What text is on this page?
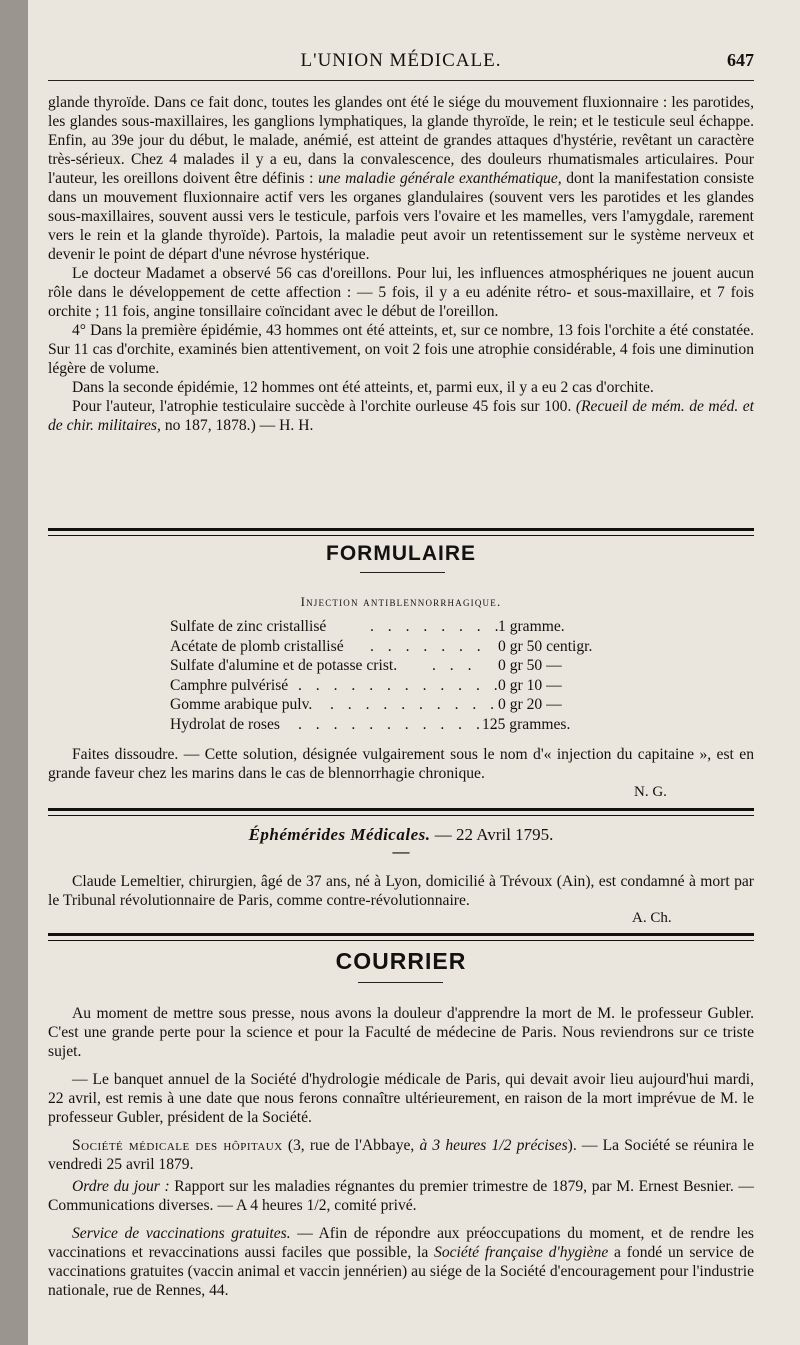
L'UNION MÉDICALE.	647

glande thyroïde. Dans ce fait donc, toutes les glandes ont été le siége du mouvement fluxionnaire : les parotides, les glandes sous-maxillaires, les ganglions lymphatiques, la glande thyroïde, le rein; et le testicule seul échappe. Enfin, au 39e jour du début, le malade, anémié, est atteint de grandes attaques d'hystérie, revêtant un caractère très-sérieux. Chez 4 malades il y a eu, dans la convalescence, des douleurs rhumatismales articulaires. Pour l'auteur, les oreillons doivent être définis : une maladie générale exanthématique, dont la manifestation consiste dans un mouvement fluxionnaire actif vers les organes glandulaires (souvent vers les parotides et les glandes sous-maxillaires, souvent aussi vers le testicule, parfois vers l'ovaire et les mamelles, vers l'amygdale, rarement vers le rein et la glande thyroïde). Partois, la maladie peut avoir un retentissement sur le système nerveux et devenir le point de départ d'une névrose hystérique.

Le docteur Madamet a observé 56 cas d'oreillons. Pour lui, les influences atmosphériques ne jouent aucun rôle dans le développement de cette affection : — 5 fois, il y a eu adénite rétro- et sous-maxillaire, et 7 fois orchite ; 11 fois, angine tonsillaire coïncidant avec le début de l'oreillon.

4° Dans la première épidémie, 43 hommes ont été atteints, et, sur ce nombre, 13 fois l'orchite a été constatée. Sur 11 cas d'orchite, examinés bien attentivement, on voit 2 fois une atrophie considérable, 4 fois une diminution légère de volume.

Dans la seconde épidémie, 12 hommes ont été atteints, et, parmi eux, il y a eu 2 cas d'orchite.

Pour l'auteur, l'atrophie testiculaire succède à l'orchite ourleuse 45 fois sur 100. (Recueil de mém. de méd. et de chir. militaires, no 187, 1878.) — H. H.

FORMULAIRE
Injection antiblennorrhagique.
Sulfate de zinc cristallisé	. . . . . . . .
1 gramme.
Acétate de plomb cristallisé . . . . . . . 0 gr 50 centigr.
Sulfate d'alumine et de potasse crist. . . . 0 gr 50 —
Camphre pulvérisé . . . . . . . . . . . .
0 gr 10 —
Gomme arabique pulv. . . . . . . . . . .
0 gr 20 —
Hydrolat de roses . . . . . . . . . . . .
125 grammes.

Faites dissoudre. — Cette solution, désignée vulgairement sous le nom d'« injection du capitaine », est en grande faveur chez les marins dans le cas de blennorrhagie chronique.

N. G.
Éphémérides Médicales. — 22 Avril 1795.
—

Claude Lemeltier, chirurgien, âgé de 37 ans, né à Lyon, domicilié à Trévoux (Ain), est condamné à mort par le Tribunal révolutionnaire de Paris, comme contre-révolutionnaire.

A. Ch.
COURRIER

Au moment de mettre sous presse, nous avons la douleur d'apprendre la mort de M. le professeur Gubler. C'est une grande perte pour la science et pour la Faculté de médecine de Paris. Nous reviendrons sur ce triste sujet.

— Le banquet annuel de la Société d'hydrologie médicale de Paris, qui devait avoir lieu aujourd'hui mardi, 22 avril, est remis à une date que nous ferons connaître ultérieurement, en raison de la mort imprévue de M. le professeur Gubler, président de la Société.

Société médicale des hôpitaux (3, rue de l'Abbaye, à 3 heures 1/2 précises). — La Société se réunira le vendredi 25 avril 1879.

Ordre du jour : Rapport sur les maladies régnantes du premier trimestre de 1879, par M. Ernest Besnier. — Communications diverses. — A 4 heures 1/2, comité privé.

Service de vaccinations gratuites. — Afin de répondre aux préoccupations du moment, et de rendre les vaccinations et revaccinations aussi faciles que possible, la Société française d'hygiène a fondé un service de vaccinations gratuites (vaccin animal et vaccin jennérien) au siége de la Société d'encouragement pour l'industrie nationale, rue de Rennes, 44.
